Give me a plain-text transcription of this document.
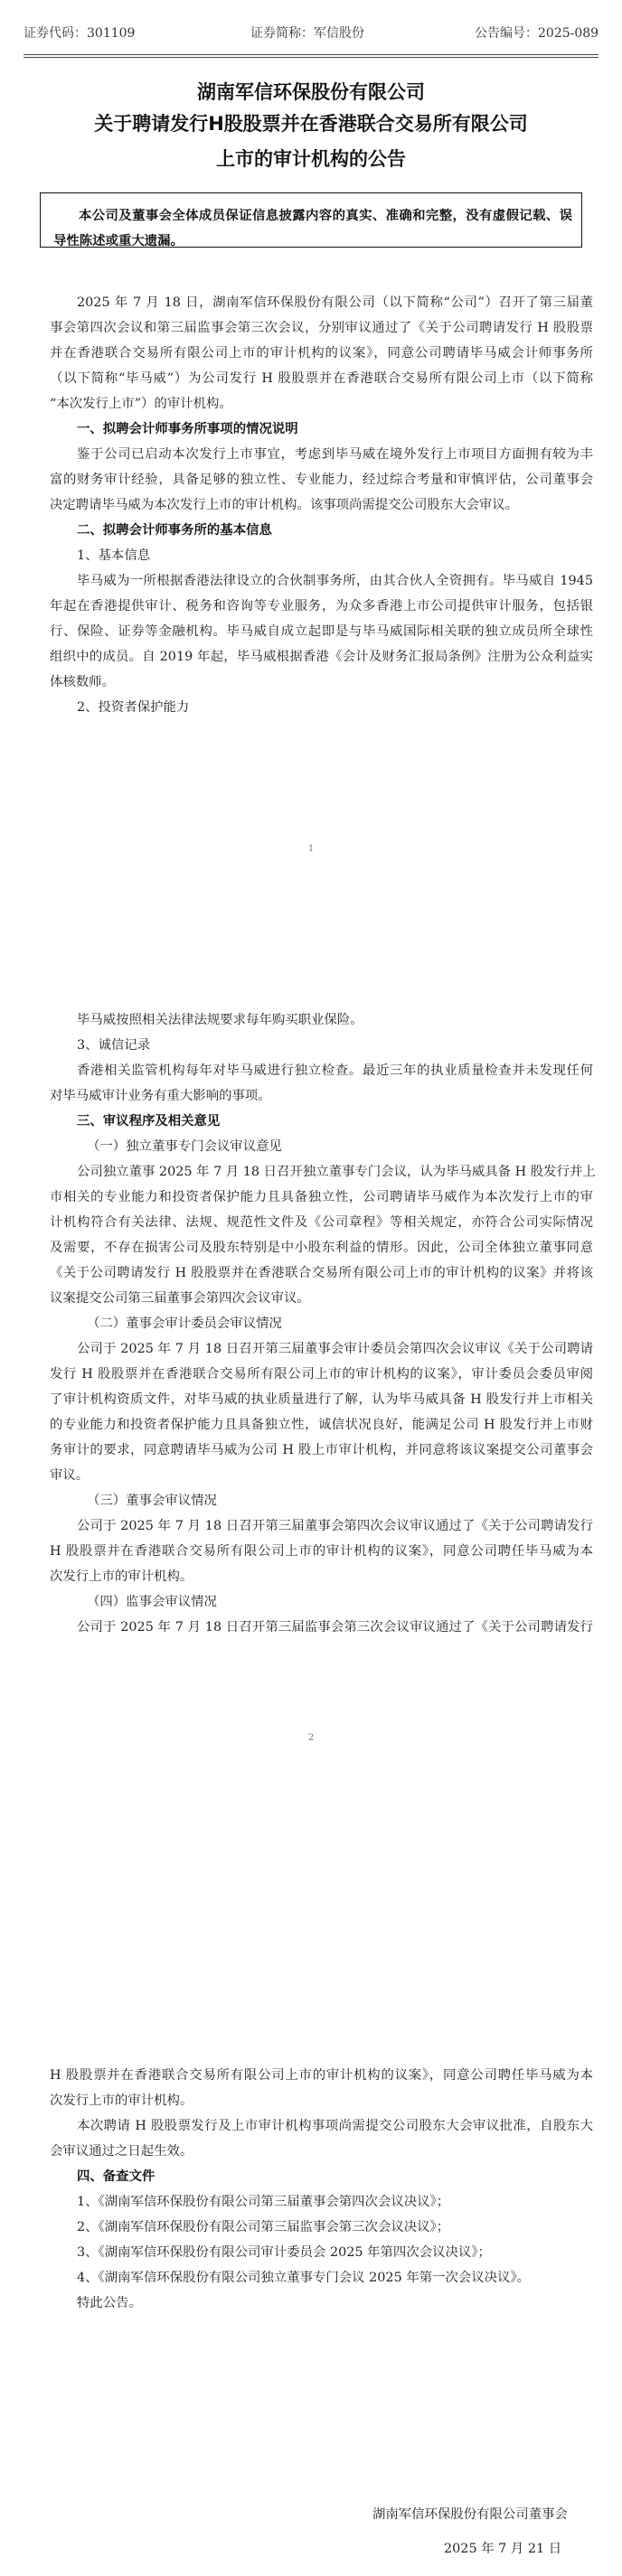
证券代码：301109	证券简称：军信股份	公告编号：2025-089
湖南军信环保股份有限公司
关于聘请发行H股股票并在香港联合交易所有限公司
上市的审计机构的公告

本公司及董事会全体成员保证信息披露内容的真实、准确和完整，没有虚假记载、误导性陈述或重大遗漏。

2025 年 7 月 18 日，湖南军信环保股份有限公司（以下简称“公司”）召开了第三届董
事会第四次会议和第三届监事会第三次会议，分别审议通过了《关于公司聘请发行 H 股股票
并在香港联合交易所有限公司上市的审计机构的议案》，同意公司聘请毕马威会计师事务所
（以下简称“毕马威”）为公司发行 H 股股票并在香港联合交易所有限公司上市（以下简称
“本次发行上市”）的审计机构。
一、拟聘会计师事务所事项的情况说明
鉴于公司已启动本次发行上市事宜，考虑到毕马威在境外发行上市项目方面拥有较为丰
富的财务审计经验，具备足够的独立性、专业能力，经过综合考量和审慎评估，公司董事会
决定聘请毕马威为本次发行上市的审计机构。该事项尚需提交公司股东大会审议。
二、拟聘会计师事务所的基本信息
1、基本信息
毕马威为一所根据香港法律设立的合伙制事务所，由其合伙人全资拥有。毕马威自 1945
年起在香港提供审计、税务和咨询等专业服务，为众多香港上市公司提供审计服务，包括银
行、保险、证券等金融机构。毕马威自成立起即是与毕马威国际相关联的独立成员所全球性
组织中的成员。自 2019 年起，毕马威根据香港《会计及财务汇报局条例》注册为公众利益实
体核数师。
2、投资者保护能力
1
毕马威按照相关法律法规要求每年购买职业保险。
3、诚信记录
香港相关监管机构每年对毕马威进行独立检查。最近三年的执业质量检查并未发现任何
对毕马威审计业务有重大影响的事项。
三、审议程序及相关意见
（一）独立董事专门会议审议意见
公司独立董事 2025 年 7 月 18 日召开独立董事专门会议，认为毕马威具备 H 股发行并上
市相关的专业能力和投资者保护能力且具备独立性，公司聘请毕马威作为本次发行上市的审
计机构符合有关法律、法规、规范性文件及《公司章程》等相关规定，亦符合公司实际情况
及需要，不存在损害公司及股东特别是中小股东利益的情形。因此，公司全体独立董事同意
《关于公司聘请发行 H 股股票并在香港联合交易所有限公司上市的审计机构的议案》并将该
议案提交公司第三届董事会第四次会议审议。
（二）董事会审计委员会审议情况
公司于 2025 年 7 月 18 日召开第三届董事会审计委员会第四次会议审议《关于公司聘请
发行 H 股股票并在香港联合交易所有限公司上市的审计机构的议案》，审计委员会委员审阅
了审计机构资质文件，对毕马威的执业质量进行了解，认为毕马威具备 H 股发行并上市相关
的专业能力和投资者保护能力且具备独立性，诚信状况良好，能满足公司 H 股发行并上市财
务审计的要求，同意聘请毕马威为公司 H 股上市审计机构，并同意将该议案提交公司董事会
审议。
（三）董事会审议情况
公司于 2025 年 7 月 18 日召开第三届董事会第四次会议审议通过了《关于公司聘请发行
H 股股票并在香港联合交易所有限公司上市的审计机构的议案》，同意公司聘任毕马威为本
次发行上市的审计机构。
（四）监事会审议情况
公司于 2025 年 7 月 18 日召开第三届监事会第三次会议审议通过了《关于公司聘请发行
2
H 股股票并在香港联合交易所有限公司上市的审计机构的议案》，同意公司聘任毕马威为本
次发行上市的审计机构。
本次聘请 H 股股票发行及上市审计机构事项尚需提交公司股东大会审议批准，自股东大
会审议通过之日起生效。
四、备查文件
1、《湖南军信环保股份有限公司第三届董事会第四次会议决议》；
2、《湖南军信环保股份有限公司第三届监事会第三次会议决议》；
3、《湖南军信环保股份有限公司审计委员会 2025 年第四次会议决议》；
4、《湖南军信环保股份有限公司独立董事专门会议 2025 年第一次会议决议》。
特此公告。
湖南军信环保股份有限公司董事会
2025 年 7 月 21 日
